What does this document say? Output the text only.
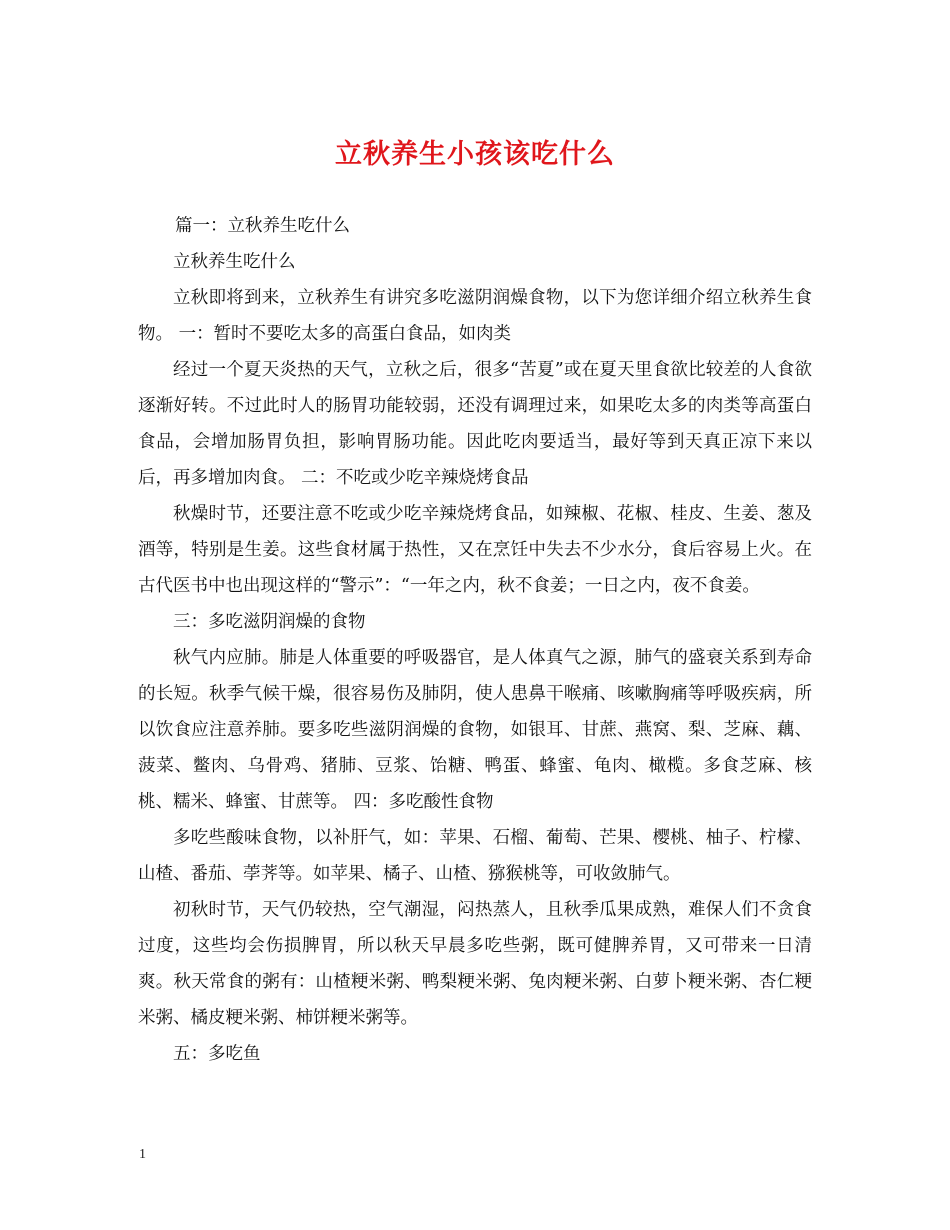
立秋养生小孩该吃什么

篇一：立秋养生吃什么

立秋养生吃什么

立秋即将到来，立秋养生有讲究多吃滋阴润燥食物，以下为您详细介绍立秋养生食物。 一：暂时不要吃太多的高蛋白食品，如肉类

经过一个夏天炎热的天气，立秋之后，很多“苦夏”或在夏天里食欲比较差的人食欲逐渐好转。不过此时人的肠胃功能较弱，还没有调理过来，如果吃太多的肉类等高蛋白食品，会增加肠胃负担，影响胃肠功能。因此吃肉要适当，最好等到天真正凉下来以后，再多增加肉食。 二：不吃或少吃辛辣烧烤食品

秋燥时节，还要注意不吃或少吃辛辣烧烤食品，如辣椒、花椒、桂皮、生姜、葱及酒等，特别是生姜。这些食材属于热性，又在烹饪中失去不少水分，食后容易上火。在古代医书中也出现这样的“警示”：“一年之内，秋不食姜；一日之内，夜不食姜。

三：多吃滋阴润燥的食物

秋气内应肺。肺是人体重要的呼吸器官，是人体真气之源，肺气的盛衰关系到寿命的长短。秋季气候干燥，很容易伤及肺阴，使人患鼻干喉痛、咳嗽胸痛等呼吸疾病，所以饮食应注意养肺。要多吃些滋阴润燥的食物，如银耳、甘蔗、燕窝、梨、芝麻、藕、菠菜、鳖肉、乌骨鸡、猪肺、豆浆、饴糖、鸭蛋、蜂蜜、龟肉、橄榄。多食芝麻、核桃、糯米、蜂蜜、甘蔗等。 四：多吃酸性食物

多吃些酸味食物，以补肝气，如：苹果、石榴、葡萄、芒果、樱桃、柚子、柠檬、山楂、番茄、荸荠等。如苹果、橘子、山楂、猕猴桃等，可收敛肺气。

初秋时节，天气仍较热，空气潮湿，闷热蒸人，且秋季瓜果成熟，难保人们不贪食过度，这些均会伤损脾胃，所以秋天早晨多吃些粥，既可健脾养胃，又可带来一日清爽。秋天常食的粥有：山楂粳米粥、鸭梨粳米粥、兔肉粳米粥、白萝卜粳米粥、杏仁粳米粥、橘皮粳米粥、柿饼粳米粥等。

五：多吃鱼

1
